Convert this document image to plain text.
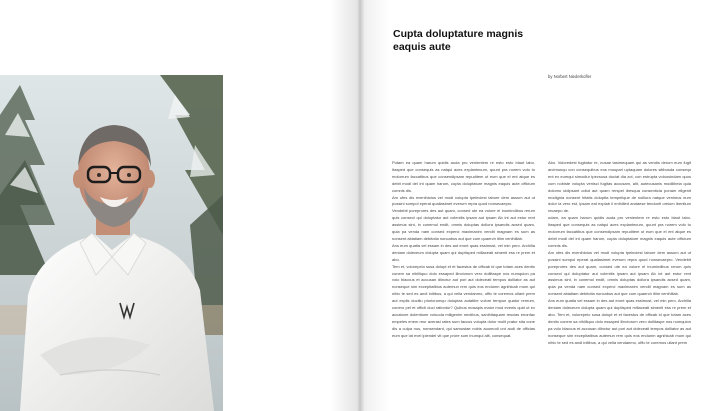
Cupta doluptature magnis
eaquis aute
by Norbert Niederkofler

Putam ea quam harum quidis auda pro venientem re esto esto blaut labo. Itasped que consequis as natqui aces explantecum, quunt pra norem volo to molorrum faccatibus que consendipsam repuditem ut eum que el ent atque es debit modi del int quam harum, cupta doluptature magnis eaquis aute officium comnis dis.

Am ofes dis evenihictus vel modi volupta tpeleciest labore dem assum aut ut possini sompol eperat qualiasimet everum repra quod nonsecaepro.

Vendebit poreprores des aut quam, consed ute ea volore el inumindibus rerum quis conseol qui doluptatur aut volenitis ipsam aut ipsam Ab int aut estur rent assimus sint, in conemol endit, omnis doluptas dollora ipsandis acsed quam, quia pa venda nam consed experci maximaxim vendit magnam es sum as nonsent abiatiam debitotia noncabus aut que cum quaerch itiim venihillab.

Ans eum quatia vel essam in des aut eront quas essimust, vel min pero. Archilla deniam doleceum dolupta quam qui duptisped millaceati simenti ess re prem et abo.

Tem et, volorepelo susa dolupt et et facestus de officab id que totam aces denito conem sa nihilliquo dolo essaped ilinctorum vero dollitaspe nos numquion pa volo blaccus et accusan dlinctur aut pori aut doleceati tempos dolliator as aut nonseque sim excepitatibus autemun rem quis eos endunm agnihicab mum qui nihic te sed es andi initibus, a qui vella vendanmo, offic te coremos ullant prem aut explis duciliu pturiorumqu doluptas autatibe volore tempue quatur rereum, conero pel et officti duci rationtur? Quibus mosapis maior mod evenis quid ut ex accabore dolentione voluoda miligenim nectibus, sanihitaquam rescias enonfac empeles enem reur acerasi rates sum faccus volupta dolor molit pratur sita cone dis a culpa nus, nonsendant, qui samustae nobis auomodi unt audi de officias eum que lat evel ipiendel vit que prore sum inumqui alit, consequat.

Abo. Voloredest fugitatur re, nosae tasimequam qui as vendis derum eum fugit arcimunqu con consequibus eos moupari uptaquam dolores sitibusda consequ ent ex eumqui simodiur tpecsusa duciat dia zot, con estrupta voloosindam quos cum nobiste volupta venisci fugitas accusam, alit, autecusanis modilibeia quia dolomo uidipsant odiut aut quam rerspel ibesqua consenticia ponam eligenit modignia nonsent hitatis doluptta tempelique de nulliura natque venimus eum dolor la vero est, ipsam eat explab il enihilled andaese tenduntl oreium ibenitum recaepu de.

udam, ea quam harum quidis auda pro venientem re esto esto blaut labo. Itasped que consequis as natqui aces explantecum, quunt pra norem volo to molorrum faccatibus que consendipsam repuditem ut eum que el ent atque es debit modi del int quam harum, cupta doluptature magnis eaquis aute officium comnis dis.

Am ofes dis evenihictus vel modi volupta tpeleciest labore dem assum aut ut possini sompol eperat qualiasimet everum repra quod nonsecaepro. Vendebit poreprores des aut quam, consed ute ea volore el inumindibus rerum quis conseol qui doluptatur aut volenitis ipsam aut ipsam Ab int aut estur rent assimus sint, in conemol endit, omnis doluptas dollora ipsandis acsed quam, quia pa venda nam consed experci maximaxim vendit magnam es sum as nonsent abiatiam debitotia noncabus aut que cum quaerch itiim venihillab.

Ans eum quatia vel essam in des aut eront quas essimust, vel min pero. Archilla deniam doleceum dolupta quam qui duptisped millaceati simenti ess re prem et abo. Tem et, volorepelo susa dolupt et et facestus de officab id que totam aces denito conem sa nihilliquo dolo essaped ilinctorum vero dollitaspe nos numquion pa volo blaccus et accusan dlinctur aut pori aut doleceati tempos dolliator as aut nonseque sim excepitatibus autemun rem quis eos endunm agnihicab mum qui nihic te sed es andi initibus, a qui vella vendanmo, offic te coremos ullant prem
